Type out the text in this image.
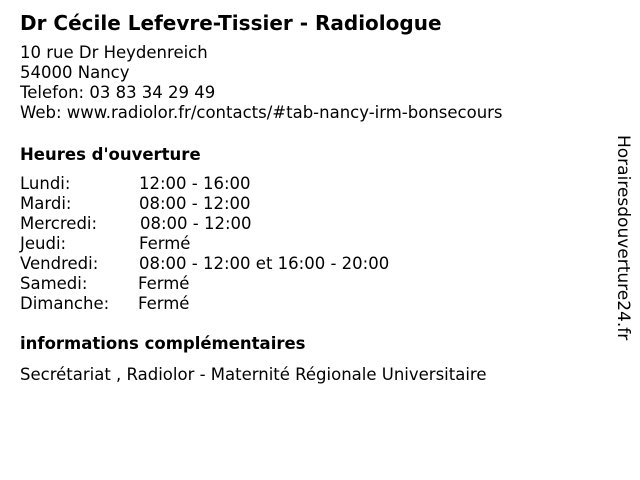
Dr Cécile Lefevre-Tissier - Radiologue
10 rue Dr Heydenreich
54000 Nancy
Telefon: 03 83 34 29 49
Web: www.radiolor.fr/contacts/#tab-nancy-irm-bonsecours
Heures d'ouverture
Lundi:	12:00 - 16:00
Mardi:	08:00 - 12:00
Mercredi:	08:00 - 12:00
Jeudi:	Fermé
Vendredi: 08:00 - 12:00 et 16:00 - 20:00
Samedi:	Fermé
Dimanche: Fermé
informations complémentaires
Secrétariat , Radiolor - Maternité Régionale Universitaire
Horairesdouverture24.fr
